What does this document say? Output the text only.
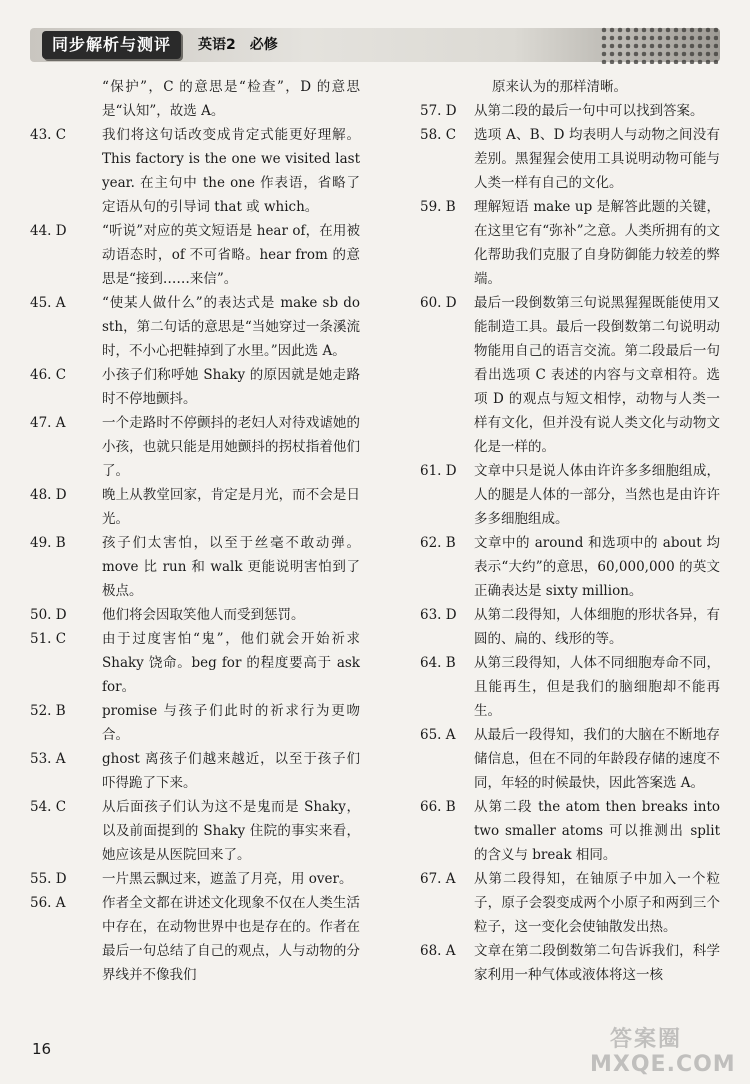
同步解析与测评	英语2　必修
“保护”，C 的意思是“检查”，D 的意思是“认知”，故选 A。
43. C	我们将这句话改变成肯定式能更好理解。This factory is the one we visited last year. 在主句中 the one 作表语，省略了定语从句的引导词 that 或 which。
44. D	“听说”对应的英文短语是 hear of，在用被动语态时，of 不可省略。hear from 的意思是“接到……来信”。
45. A	“使某人做什么”的表达式是 make sb do sth，第二句话的意思是“当她穿过一条溪流时，不小心把鞋掉到了水里。”因此选 A。
46. C	小孩子们称呼她 Shaky 的原因就是她走路时不停地颤抖。
47. A	一个走路时不停颤抖的老妇人对待戏谑她的小孩，也就只能是用她颤抖的拐杖指着他们了。
48. D	晚上从教堂回家，肯定是月光，而不会是日光。
49. B	孩子们太害怕，以至于丝毫不敢动弹。move 比 run 和 walk 更能说明害怕到了极点。
50. D	他们将会因取笑他人而受到惩罚。
51. C	由于过度害怕“鬼”，他们就会开始祈求 Shaky 饶命。beg for 的程度要高于 ask for。
52. B	promise 与孩子们此时的祈求行为更吻合。
53. A	ghost 离孩子们越来越近，以至于孩子们吓得跪了下来。
54. C	从后面孩子们认为这不是鬼而是 Shaky，以及前面提到的 Shaky 住院的事实来看，她应该是从医院回来了。
55. D	一片黑云飘过来，遮盖了月亮，用 over。
56. A	作者全文都在讲述文化现象不仅在人类生活中存在，在动物世界中也是存在的。作者在最后一句总结了自己的观点，人与动物的分界线并不像我们
原来认为的那样清晰。
57. D 从第二段的最后一句中可以找到答案。
58. C 选项 A、B、D 均表明人与动物之间没有差别。黑猩猩会使用工具说明动物可能与人类一样有自己的文化。
59. B 理解短语 make up 是解答此题的关键，在这里它有“弥补”之意。人类所拥有的文化帮助我们克服了自身防御能力较差的弊端。
60. D 最后一段倒数第三句说黑猩猩既能使用又能制造工具。最后一段倒数第二句说明动物能用自己的语言交流。第二段最后一句看出选项 C 表述的内容与文章相符。选项 D 的观点与短文相悖，动物与人类一样有文化，但并没有说人类文化与动物文化是一样的。
61. D 文章中只是说人体由许许多多细胞组成，人的腿是人体的一部分，当然也是由许许多多细胞组成。
62. B 文章中的 around 和选项中的 about 均表示“大约”的意思，60,000,000 的英文正确表达是 sixty million。
63. D 从第二段得知，人体细胞的形状各异，有圆的、扁的、线形的等。
64. B 从第三段得知，人体不同细胞寿命不同，且能再生，但是我们的脑细胞却不能再生。
65. A 从最后一段得知，我们的大脑在不断地存储信息，但在不同的年龄段存储的速度不同，年轻的时候最快，因此答案选 A。
66. B 从第二段 the atom then breaks into two smaller atoms 可以推测出 split 的含义与 break 相同。
67. A 从第二段得知，在铀原子中加入一个粒子，原子会裂变成两个小原子和两到三个粒子，这一变化会使铀散发出热。
68. A 文章在第二段倒数第二句告诉我们，科学家利用一种气体或液体将这一核
16	答案圈
MXQE.COM
